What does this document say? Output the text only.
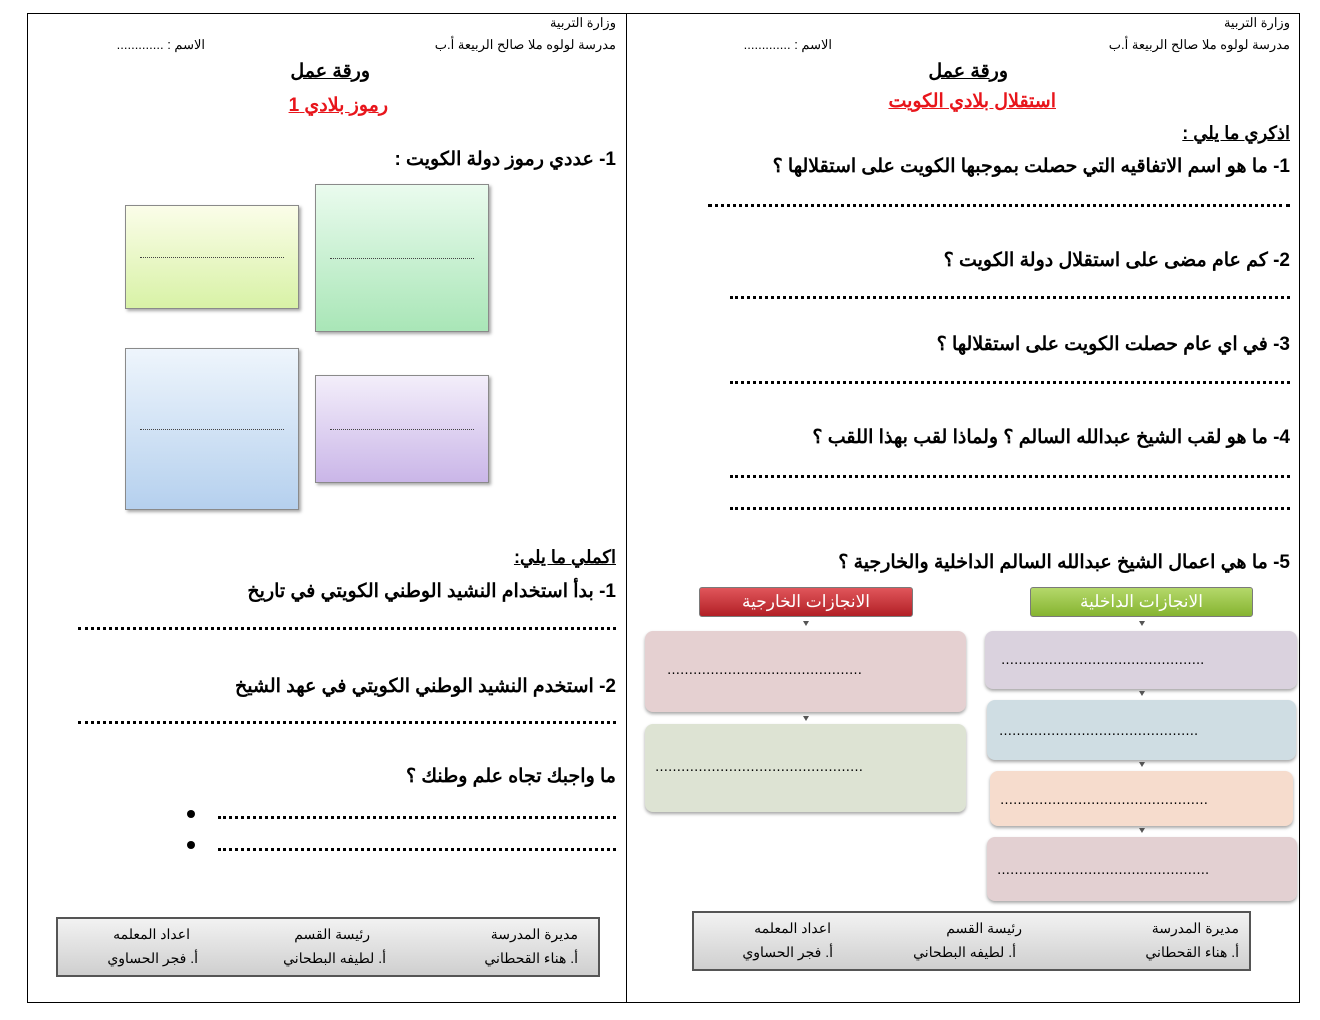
وزارة التربية
مدرسة لولوه ملا صالح الربيعة أ.ب
الاسم : .............
ورقة عمل
رموز بلادي 1
1- عددي رموز دولة الكويت :
اكملي ما يلي:
1- بدأ استخدام النشيد الوطني الكويتي في تاريخ
2- استخدم النشيد الوطني الكويتي في عهد الشيخ
ما واجبك تجاه علم وطنك ؟
مديرة المدرسة
أ. هناء القحطاني
رئيسة القسم
أ. لطيفه البطحاني
اعداد المعلمه
أ. فجر الحساوي
وزارة التربية
مدرسة لولوه ملا صالح الربيعة أ.ب
الاسم : .............
ورقة عمل
استقلال بلادي الكويت
اذكري ما يلي :
1- ما هو اسم الاتفاقيه التي حصلت بموجبها الكويت على استقلالها ؟
2- كم عام مضى على استقلال دولة الكويت ؟
3- في اي عام حصلت الكويت على استقلالها ؟
4- ما هو لقب الشيخ عبدالله السالم ؟ ولماذا لقب بهذا اللقب ؟
5- ما هي اعمال الشيخ عبدالله السالم الداخلية والخارجية ؟
الانجازات الخارجية
………………………………………
…………………………………………
الانجازات الداخلية
………………………………………..
……………………………………….
…………………………………………
………………………………………….
مديرة المدرسة
أ. هناء القحطاني
رئيسة القسم
أ. لطيفه البطحاني
اعداد المعلمه
أ. فجر الحساوي
